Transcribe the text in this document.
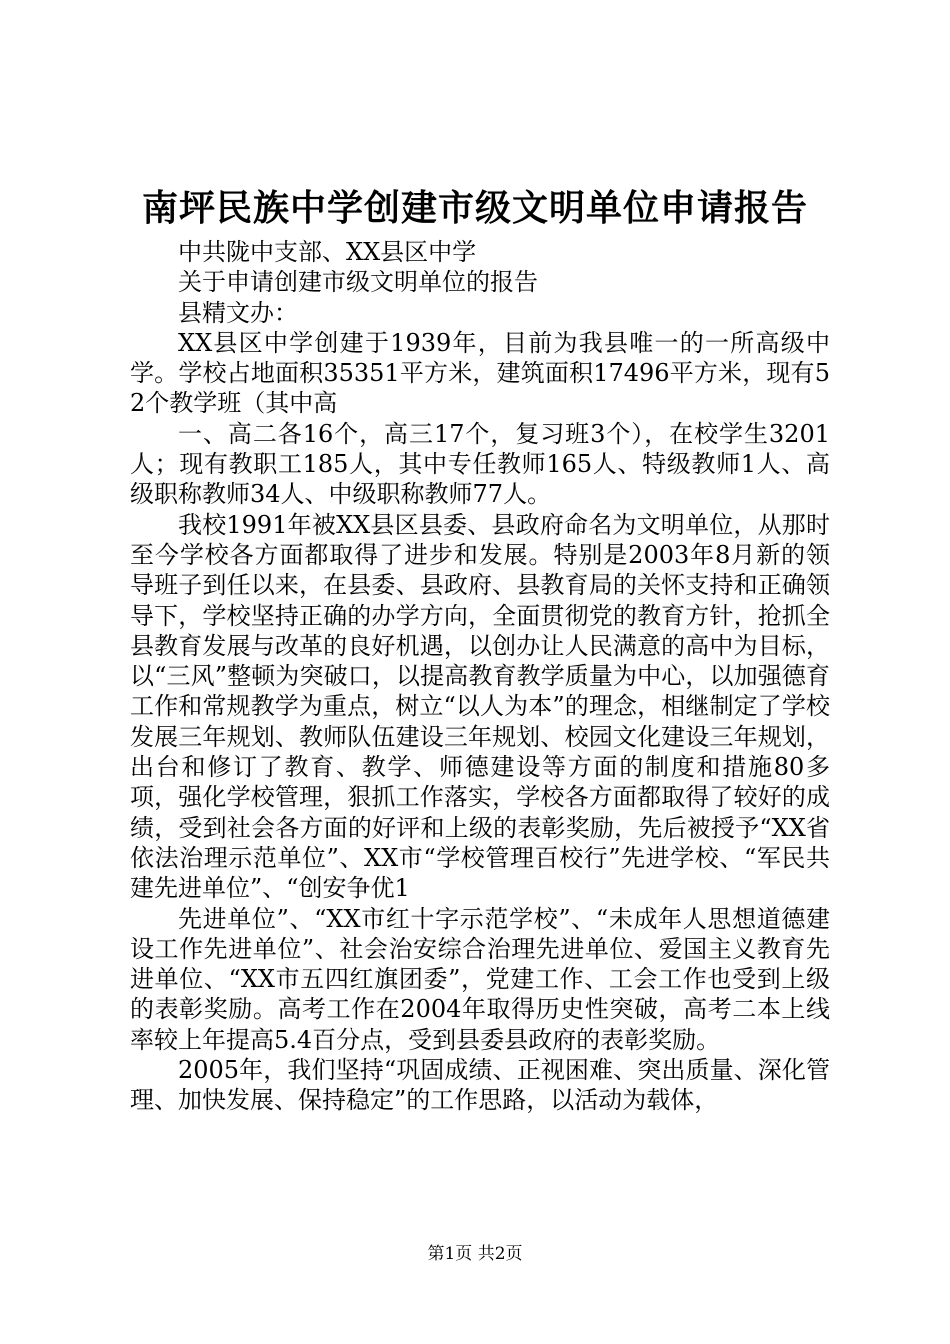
南坪民族中学创建市级文明单位申请报告

中共陇中支部、XX县区中学

关于申请创建市级文明单位的报告

县精文办：

XX县区中学创建于1939年，目前为我县唯一的一所高级中学。学校占地面积35351平方米，建筑面积17496平方米，现有52个教学班（其中高

一、高二各16个，高三17个，复习班3个），在校学生3201人；现有教职工185人，其中专任教师165人、特级教师1人、高级职称教师34人、中级职称教师77人。

我校1991年被XX县区县委、县政府命名为文明单位，从那时至今学校各方面都取得了进步和发展。特别是2003年8月新的领导班子到任以来，在县委、县政府、县教育局的关怀支持和正确领导下，学校坚持正确的办学方向，全面贯彻党的教育方针，抢抓全县教育发展与改革的良好机遇，以创办让人民满意的高中为目标，以“三风”整顿为突破口，以提高教育教学质量为中心，以加强德育工作和常规教学为重点，树立“以人为本”的理念，相继制定了学校发展三年规划、教师队伍建设三年规划、校园文化建设三年规划，出台和修订了教育、教学、师德建设等方面的制度和措施80多项，强化学校管理，狠抓工作落实，学校各方面都取得了较好的成绩，受到社会各方面的好评和上级的表彰奖励，先后被授予“XX省依法治理示范单位”、XX市“学校管理百校行”先进学校、“军民共建先进单位”、“创安争优1

先进单位”、“XX市红十字示范学校”、“未成年人思想道德建设工作先进单位”、社会治安综合治理先进单位、爱国主义教育先进单位、“XX市五四红旗团委”，党建工作、工会工作也受到上级的表彰奖励。高考工作在2004年取得历史性突破，高考二本上线率较上年提高5.4百分点，受到县委县政府的表彰奖励。

2005年，我们坚持“巩固成绩、正视困难、突出质量、深化管理、加快发展、保持稳定”的工作思路，以活动为载体，

第1页 共2页
